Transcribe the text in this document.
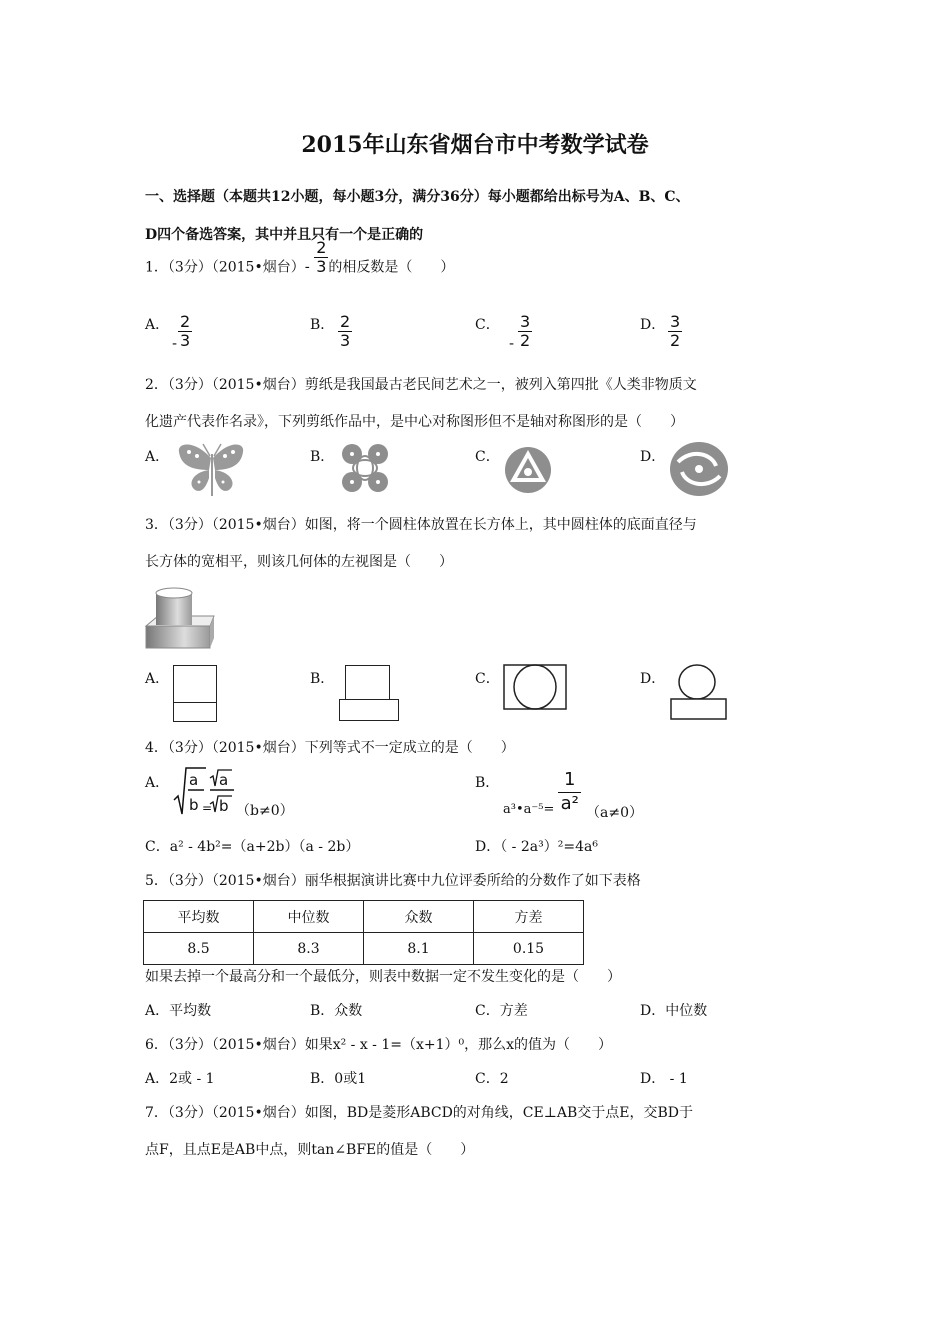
2015年山东省烟台市中考数学试卷
一、选择题（本题共12小题，每小题3分，满分36分）每小题都给出标号为A、B、C、
D四个备选答案，其中并且只有一个是正确的
1．（3分）（2015•烟台）- $\frac{2}{3}$ 的相反数是（　　）
A．
- $\frac{2}{3}$	B． $\frac{2}{3}$	C．
- $\frac{3}{2}$	D． $\frac{3}{2}$
2．（3分）（2015•烟台）剪纸是我国最古老民间艺术之一，被列入第四批《人类非物质文
化遗产代表作名录》，下列剪纸作品中，是中心对称图形但不是轴对称图形的是（　　）
A．	B．	C．	D．
3．（3分）（2015•烟台）如图，将一个圆柱体放置在长方体上，其中圆柱体的底面直径与
长方体的宽相平，则该几何体的左视图是（　　）
A．	B．	C．	D．
4．（3分）（2015•烟台）下列等式不一定成立的是（　　）
A． a
b =
a
b （b≠0）
B．
a³•a⁻⁵= $\frac{1}{\text{a²}} (a\ne 0)$
C．a² - 4b²=（a+2b）（a - 2b）	D．（ - 2a³）²=4a⁶
5．（3分）（2015•烟台）丽华根据演讲比赛中九位评委所给的分数作了如下表格
平均数	中位数	众数	方差
8.5	8.3	8.1	0.15
如果去掉一个最高分和一个最低分，则表中数据一定不发生变化的是（　　）
A．平均数	B．众数	C．方差	D．中位数
6．（3分）（2015•烟台）如果x² - x - 1=（x+1）⁰，那么x的值为（　　）
A．2或 - 1	B．0或1	C．2	D． - 1
7．（3分）（2015•烟台）如图，BD是菱形ABCD的对角线，CE⊥AB交于点E，交BD于
点F，且点E是AB中点，则tan∠BFE的值是（　　）
